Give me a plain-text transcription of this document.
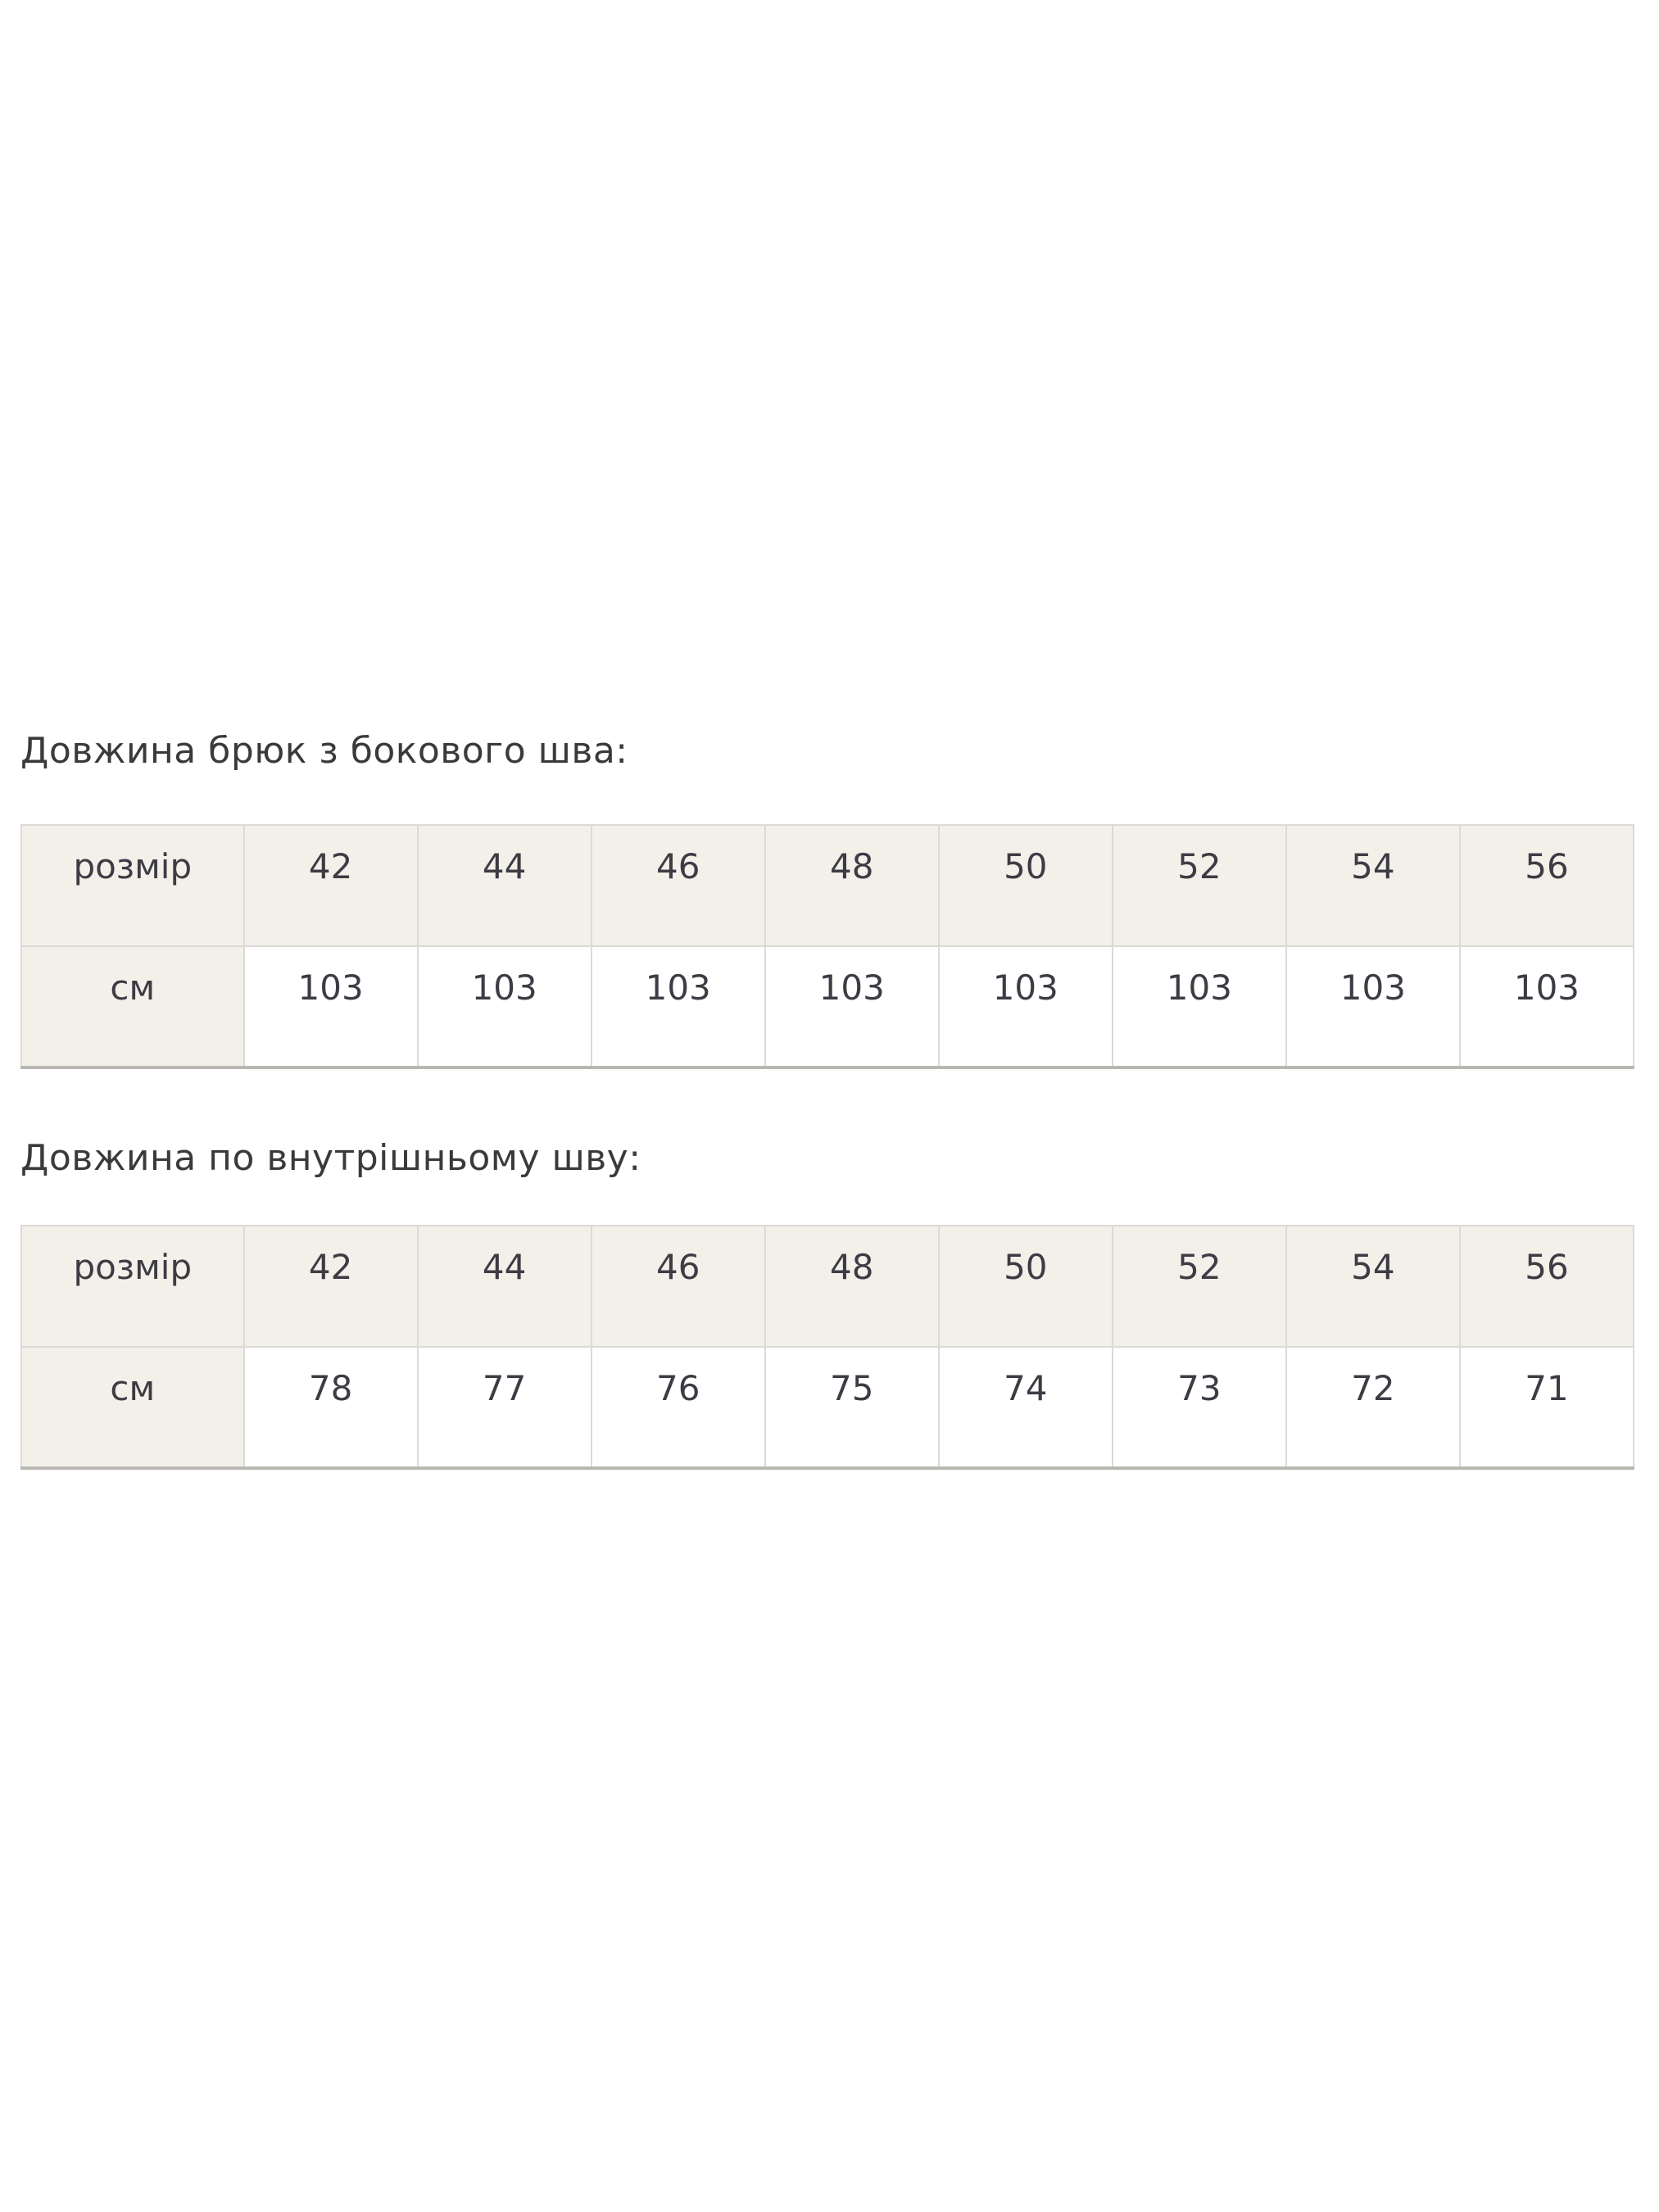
Довжина брюк з бокового шва:
розмір	42	44	46	48	50	52	54	56
см	103	103	103	103	103	103	103	103
Довжина по внутрішньому шву:
розмір	42	44	46	48	50	52	54	56
см	78	77	76	75	74	73	72	71
